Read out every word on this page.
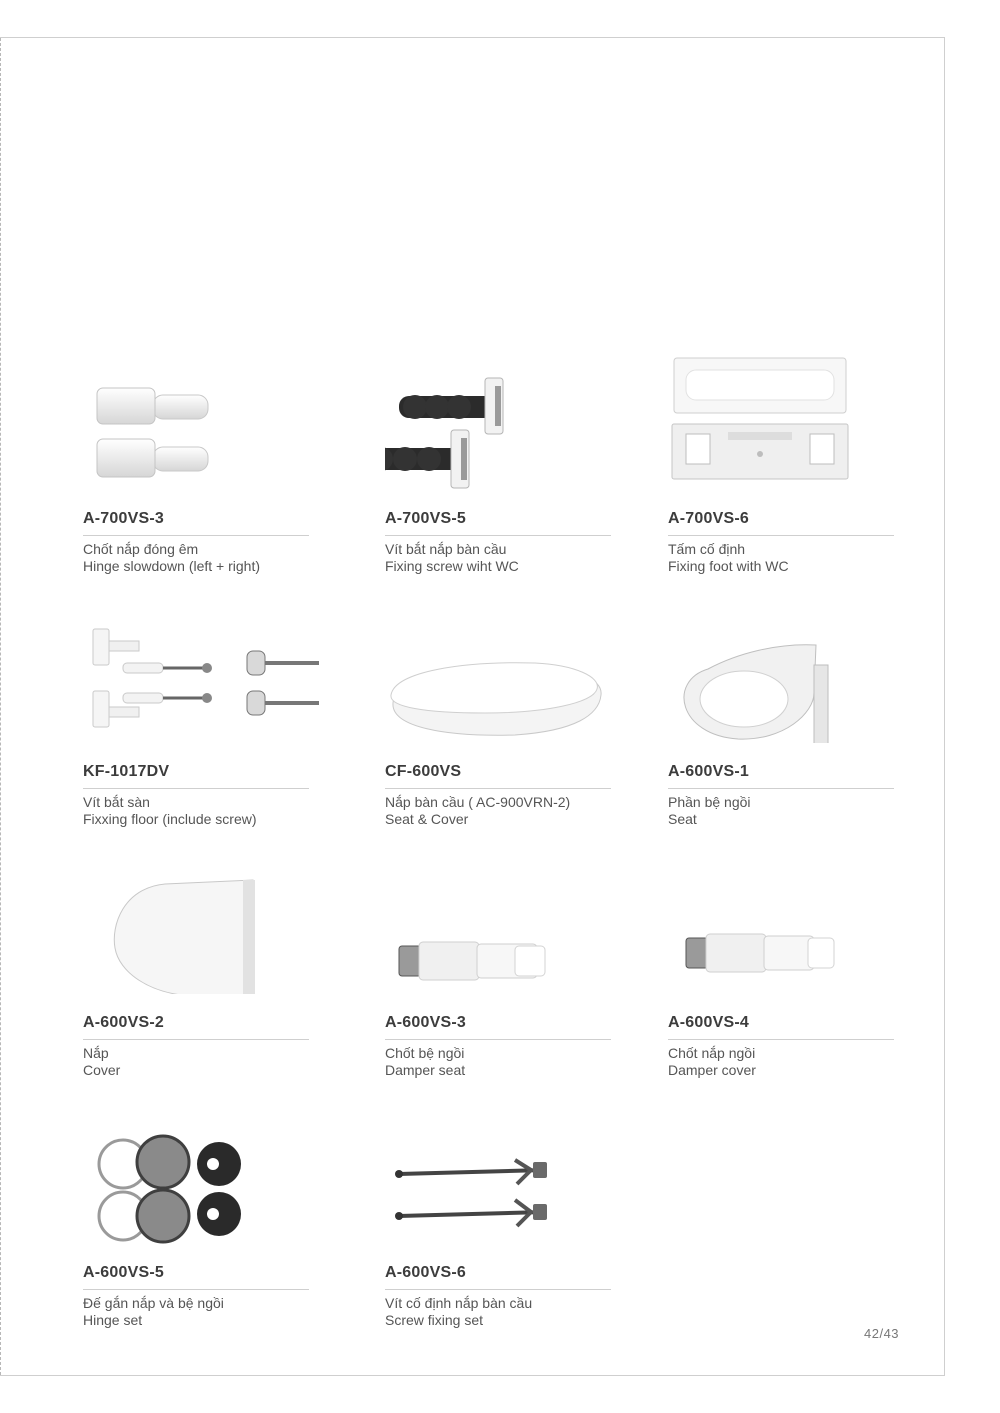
A-700VS-3
Chốt nắp đóng êm
Hinge slowdown (left + right)
A-700VS-5
Vít bắt nắp bàn cầu
Fixing screw wiht WC
A-700VS-6
Tấm cố định
Fixing foot with WC
KF-1017DV
Vít bắt sàn
Fixxing floor (include screw)
CF-600VS
Nắp bàn cầu ( AC-900VRN-2)
Seat & Cover
A-600VS-1
Phần bệ ngồi
Seat
A-600VS-2
Nắp
Cover
A-600VS-3
Chốt bệ ngồi
Damper seat
A-600VS-4
Chốt nắp ngồi
Damper cover
A-600VS-5
Đế gắn nắp và bệ ngồi
Hinge set
A-600VS-6
Vít cố định nắp bàn cầu
Screw fixing set
42/43
